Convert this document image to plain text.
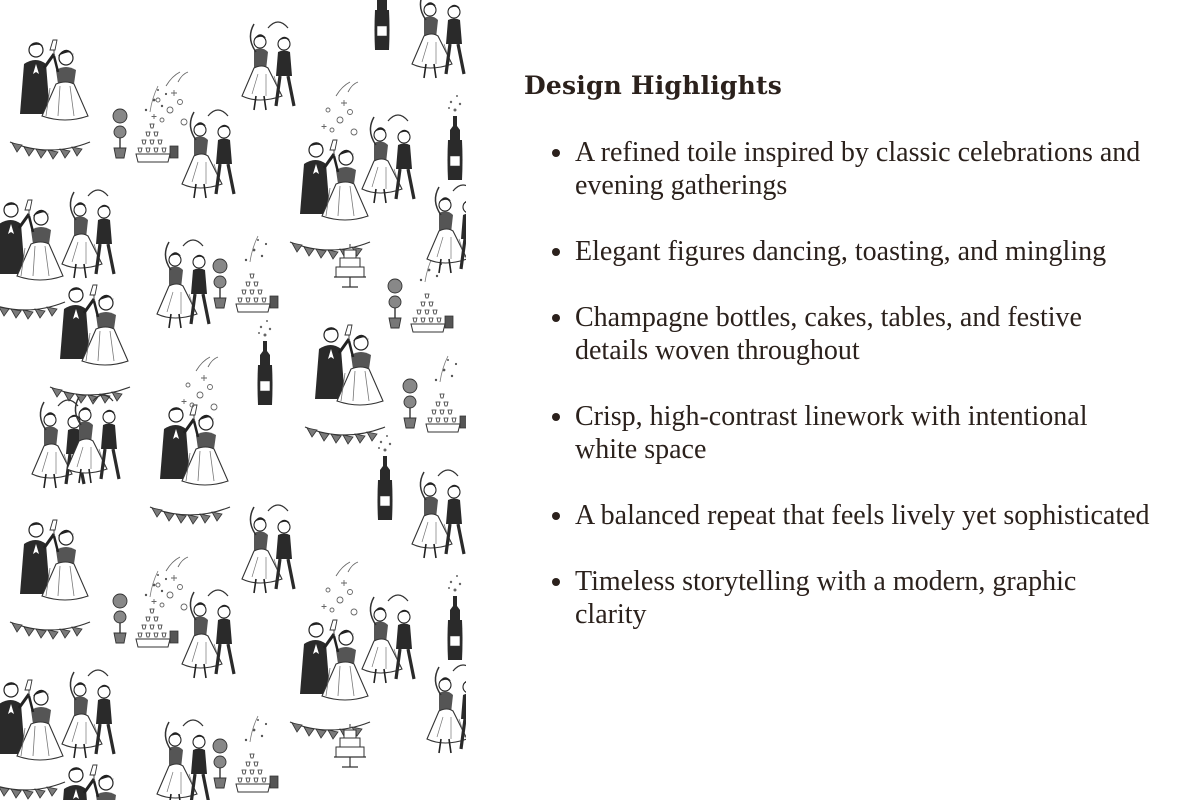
Design Highlights
A refined toile inspired by classic celebrations and evening gatherings
Elegant figures dancing, toasting, and mingling
Champagne bottles, cakes, tables, and festive details woven throughout
Crisp, high-contrast linework with intentional white space
A balanced repeat that feels lively yet sophisticated
Timeless storytelling with a modern, graphic clarity
